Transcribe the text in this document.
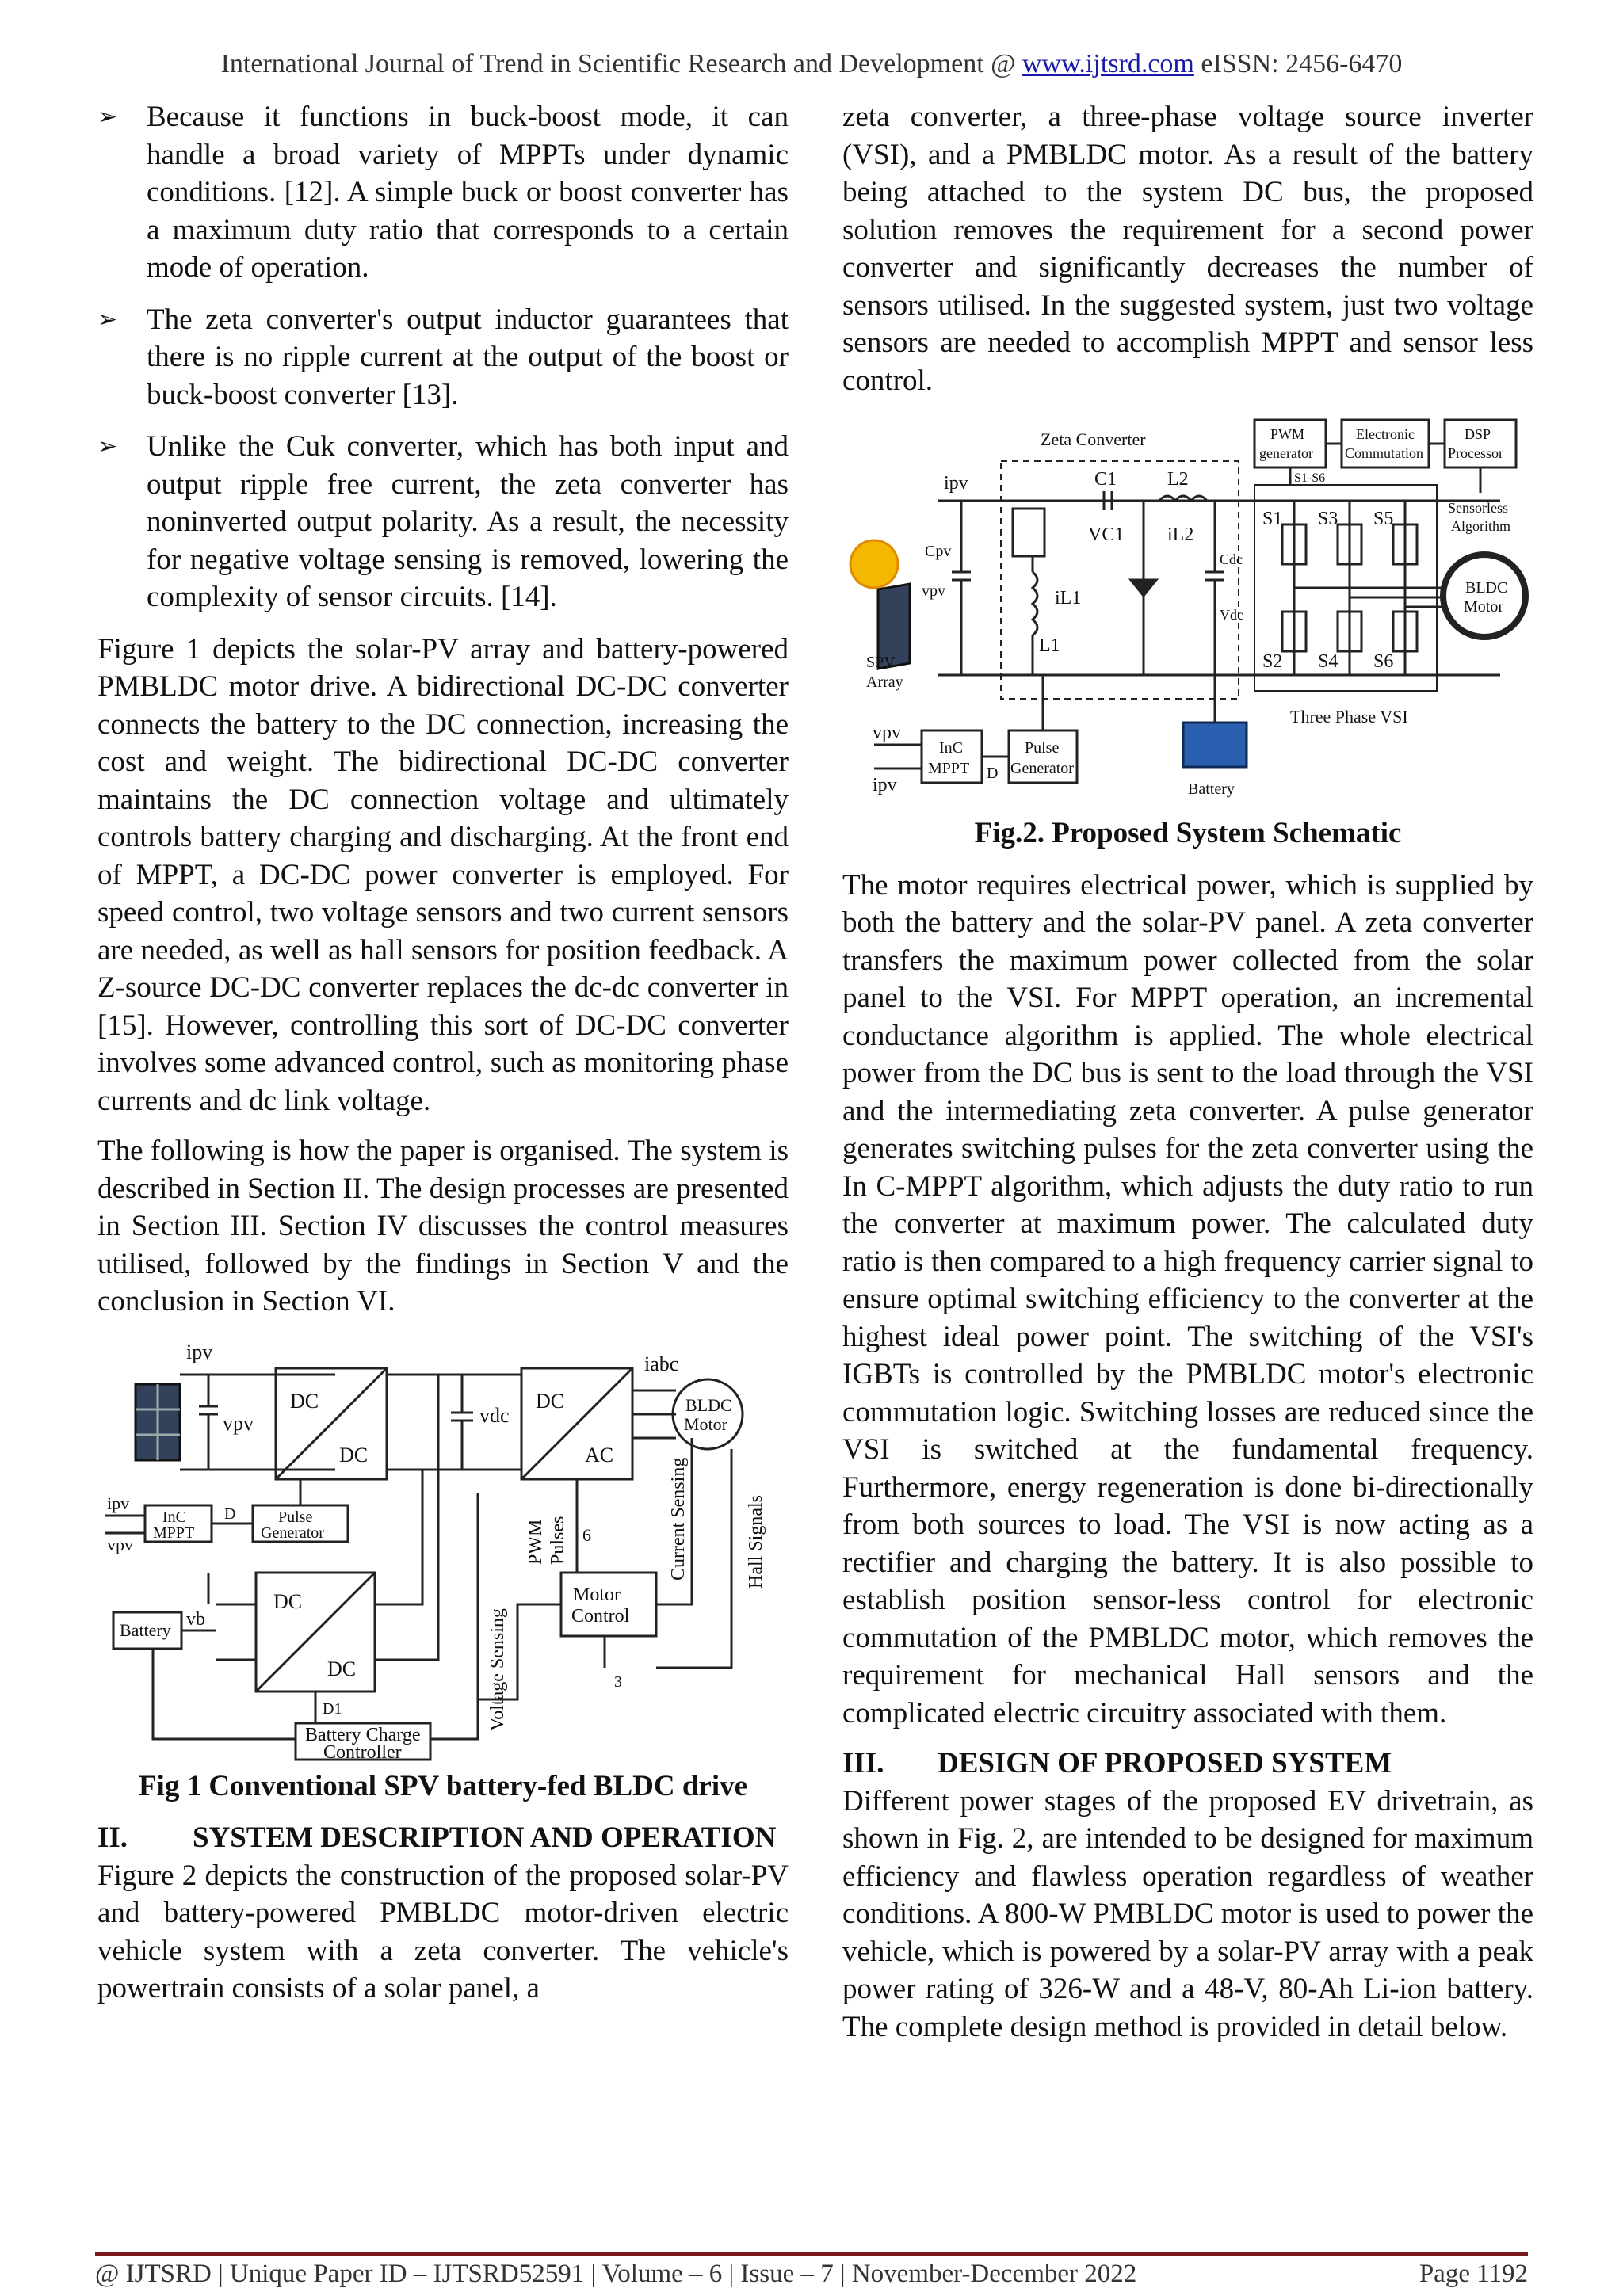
International Journal of Trend in Scientific Research and Development @ www.ijtsrd.com eISSN: 2456-6470
➢ Because it functions in buck-boost mode, it can handle a broad variety of MPPTs under dynamic conditions. [12]. A simple buck or boost converter has a maximum duty ratio that corresponds to a certain mode of operation.
➢ The zeta converter's output inductor guarantees that there is no ripple current at the output of the boost or buck-boost converter [13].
➢ Unlike the Cuk converter, which has both input and output ripple free current, the zeta converter has noninverted output polarity. As a result, the necessity for negative voltage sensing is removed, lowering the complexity of sensor circuits. [14].

Figure 1 depicts the solar-PV array and battery-powered PMBLDC motor drive. A bidirectional DC-DC converter connects the battery to the DC connection, increasing the cost and weight. The bidirectional DC-DC converter maintains the DC connection voltage and ultimately controls battery charging and discharging. At the front end of MPPT, a DC-DC power converter is employed. For speed control, two voltage sensors and two current sensors are needed, as well as hall sensors for position feedback. A Z-source DC-DC converter replaces the dc-dc converter in [15]. However, controlling this sort of DC-DC converter involves some advanced control, such as monitoring phase currents and dc link voltage.

The following is how the paper is organised. The system is described in Section II. The design processes are presented in Section III. Section IV discusses the control measures utilised, followed by the findings in Section V and the conclusion in Section VI.

ipv
vpv
DC
DC
vdc
DC
AC
iabc
BLDC
Motor
ipv
vpv
InC
MPPT
D	Pulse
Generator
Battery
vb
DC
DC
D1
Battery Charge
Controller
Motor
Control
6
3
PWM Pulses
Voltage Sensing
Current Sensing	Hall Signals
Fig 1 Conventional SPV battery-fed BLDC drive
II.	SYSTEM DESCRIPTION AND OPERATION

Figure 2 depicts the construction of the proposed solar-PV and battery-powered PMBLDC motor-driven electric vehicle system with a zeta converter. The vehicle's powertrain consists of a solar panel, a

zeta converter, a three-phase voltage source inverter (VSI), and a PMBLDC motor. As a result of the battery being attached to the system DC bus, the proposed solution removes the requirement for a second power converter and significantly decreases the number of sensors utilised. In the suggested system, just two voltage sensors are needed to accomplish MPPT and sensor less control.

Zeta Converter
ipv	C1	L2
VC1 iL2
iL1
L1
Cpv
vpv
SPV
Array
Cdc
Vdc
PWM
generator
Electronic
Commutation
DSP
Processor
S1-S6
Sensorless
Algorithm
S1 S3 S5
S2 S4 S6
BLDC
Motor
vpv
ipv
InC
MPPT D
Pulse
Generator
Three Phase VSI
Battery
Fig.2. Proposed System Schematic

The motor requires electrical power, which is supplied by both the battery and the solar-PV panel. A zeta converter transfers the maximum power collected from the solar panel to the VSI. For MPPT operation, an incremental conductance algorithm is applied. The whole electrical power from the DC bus is sent to the load through the VSI and the intermediating zeta converter. A pulse generator generates switching pulses for the zeta converter using the In C-MPPT algorithm, which adjusts the duty ratio to run the converter at maximum power. The calculated duty ratio is then compared to a high frequency carrier signal to ensure optimal switching efficiency to the converter at the highest ideal power point. The switching of the VSI's IGBTs is controlled by the PMBLDC motor's electronic commutation logic. Switching losses are reduced since the VSI is switched at the fundamental frequency. Furthermore, energy regeneration is done bi-directionally from both sources to load. The VSI is now acting as a rectifier and charging the battery. It is also possible to establish position sensor-less control for electronic commutation of the PMBLDC motor, which removes the requirement for mechanical Hall sensors and the complicated electric circuitry associated with them.

III.	DESIGN OF PROPOSED SYSTEM

Different power stages of the proposed EV drivetrain, as shown in Fig. 2, are intended to be designed for maximum efficiency and flawless operation regardless of weather conditions. A 800-W PMBLDC motor is used to power the vehicle, which is powered by a solar-PV array with a peak power rating of 326-W and a 48-V, 80-Ah Li-ion battery. The complete design method is provided in detail below.

@ IJTSRD | Unique Paper ID – IJTSRD52591 | Volume – 6 | Issue – 7 | November-December 2022	Page 1192
